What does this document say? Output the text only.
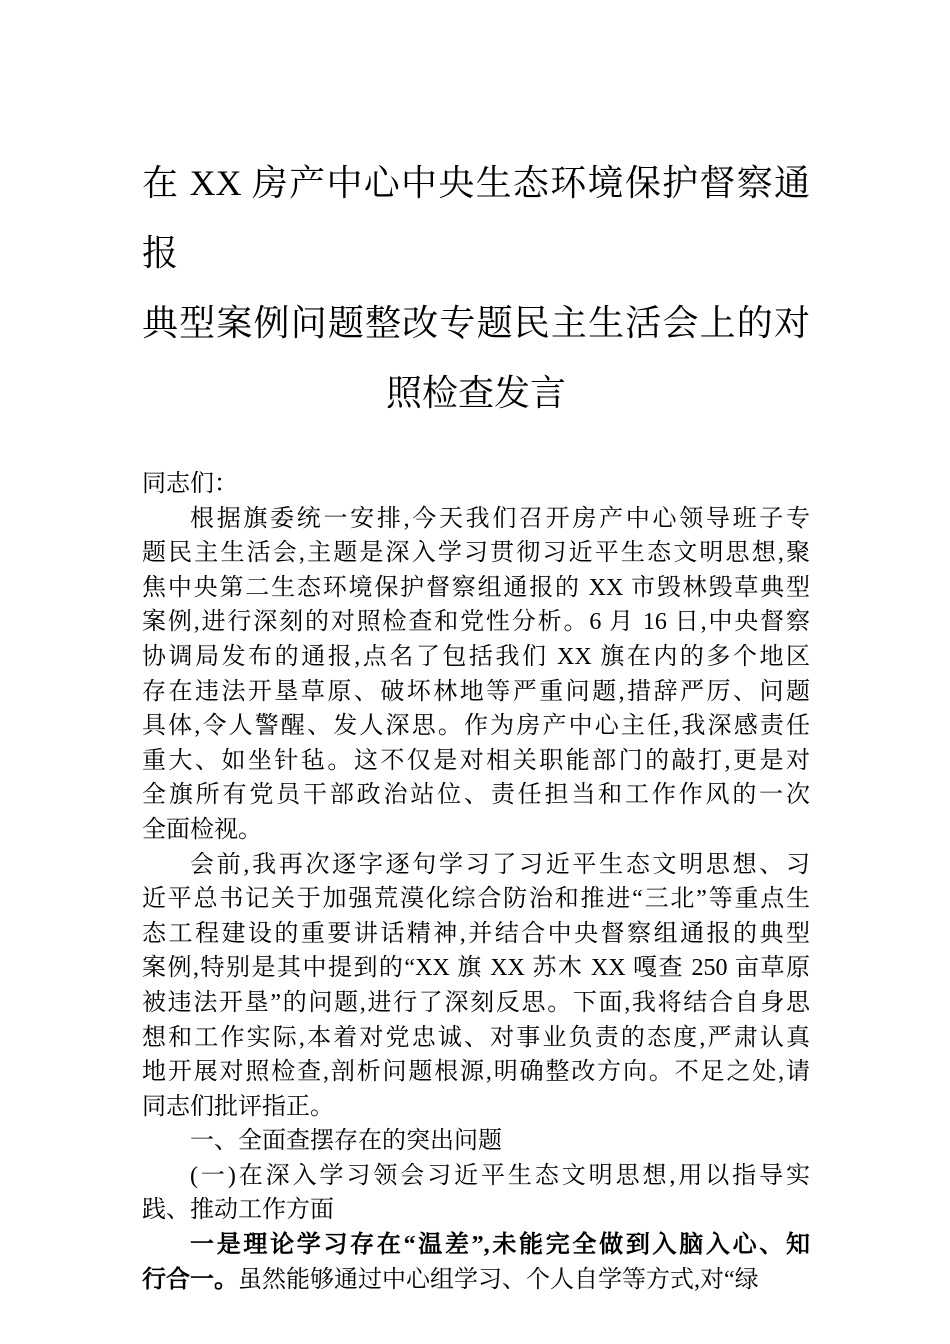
在 XX 房产中心中央生态环境保护督察通报
典型案例问题整改专题民主生活会上的对
照检查发言
同志们：
根据旗委统一安排,今天我们召开房产中心领导班子专
题民主生活会,主题是深入学习贯彻习近平生态文明思想,聚
焦中央第二生态环境保护督察组通报的 XX 市毁林毁草典型
案例,进行深刻的对照检查和党性分析。6 月 16 日,中央督察
协调局发布的通报,点名了包括我们 XX 旗在内的多个地区
存在违法开垦草原、破坏林地等严重问题,措辞严厉、问题
具体,令人警醒、发人深思。作为房产中心主任,我深感责任
重大、如坐针毡。这不仅是对相关职能部门的敲打,更是对
全旗所有党员干部政治站位、责任担当和工作作风的一次
全面检视。
会前,我再次逐字逐句学习了习近平生态文明思想、习
近平总书记关于加强荒漠化综合防治和推进“三北”等重点生
态工程建设的重要讲话精神,并结合中央督察组通报的典型
案例,特别是其中提到的“XX 旗 XX 苏木 XX 嘎查 250 亩草原
被违法开垦”的问题,进行了深刻反思。下面,我将结合自身思
想和工作实际,本着对党忠诚、对事业负责的态度,严肃认真
地开展对照检查,剖析问题根源,明确整改方向。不足之处,请
同志们批评指正。
一、全面查摆存在的突出问题
(一)在深入学习领会习近平生态文明思想,用以指导实
践、推动工作方面
一是理论学习存在“温差”,未能完全做到入脑入心、知
行合一。虽然能够通过中心组学习、个人自学等方式,对“绿
